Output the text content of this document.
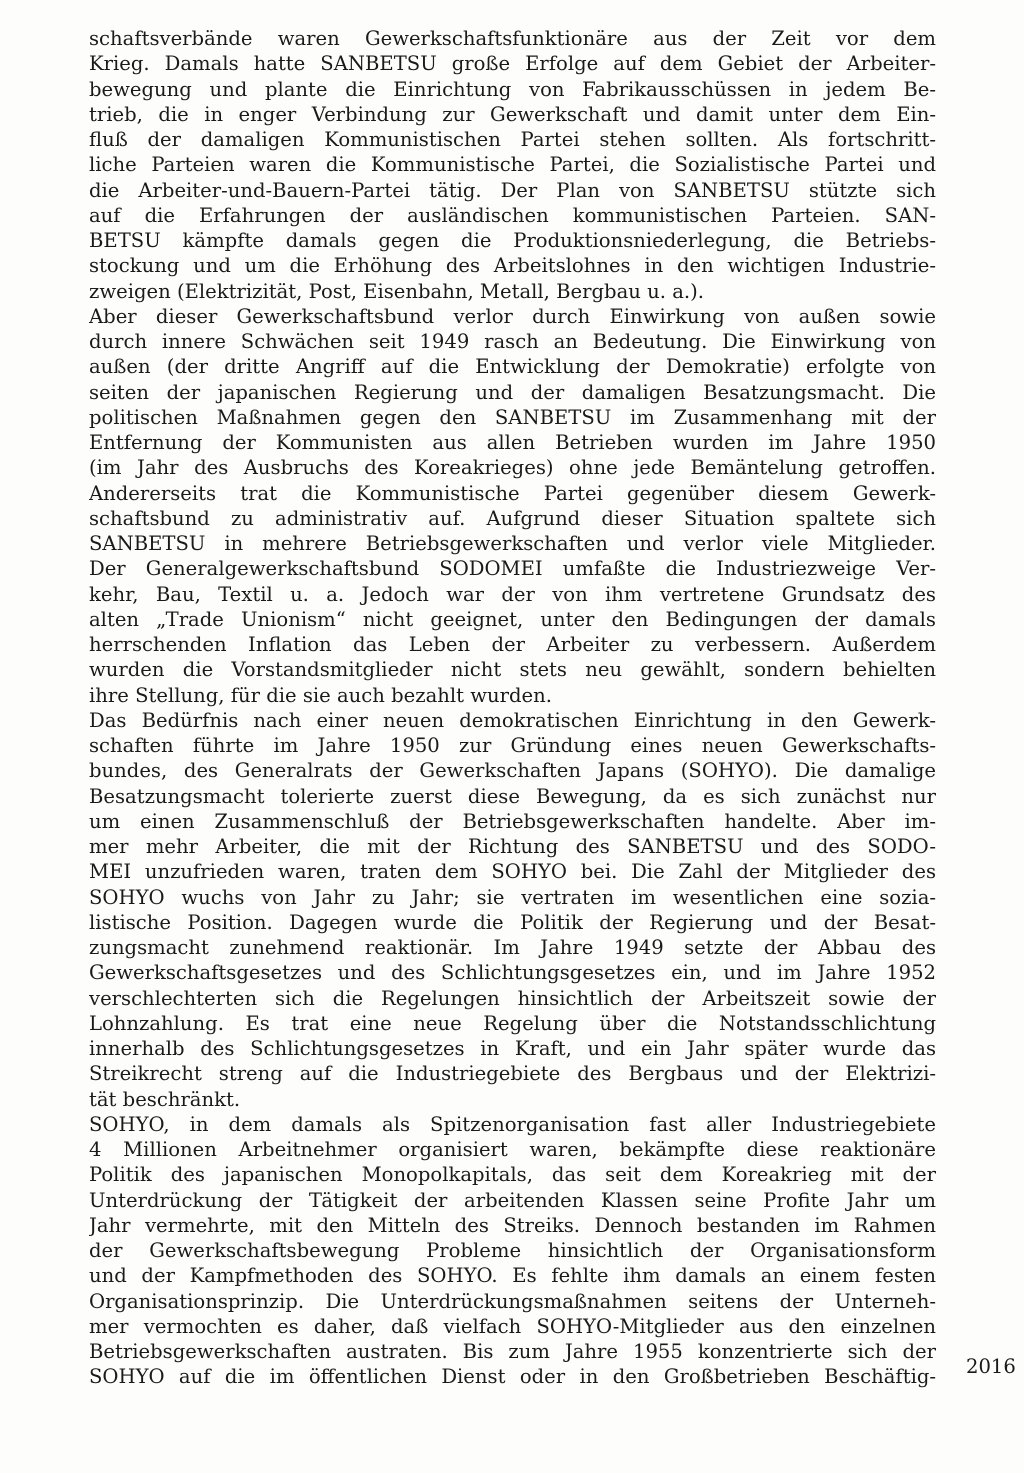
schaftsverbände waren Gewerkschaftsfunktionäre aus der Zeit vor dem
Krieg. Damals hatte SANBETSU große Erfolge auf dem Gebiet der Arbeiter-
bewegung und plante die Einrichtung von Fabrikausschüssen in jedem Be-
trieb, die in enger Verbindung zur Gewerkschaft und damit unter dem Ein-
fluß der damaligen Kommunistischen Partei stehen sollten. Als fortschritt-
liche Parteien waren die Kommunistische Partei, die Sozialistische Partei und
die Arbeiter-und-Bauern-Partei tätig. Der Plan von SANBETSU stützte sich
auf die Erfahrungen der ausländischen kommunistischen Parteien. SAN-
BETSU kämpfte damals gegen die Produktionsniederlegung, die Betriebs-
stockung und um die Erhöhung des Arbeitslohnes in den wichtigen Industrie-
zweigen (Elektrizität, Post, Eisenbahn, Metall, Bergbau u. a.).
Aber dieser Gewerkschaftsbund verlor durch Einwirkung von außen sowie
durch innere Schwächen seit 1949 rasch an Bedeutung. Die Einwirkung von
außen (der dritte Angriff auf die Entwicklung der Demokratie) erfolgte von
seiten der japanischen Regierung und der damaligen Besatzungsmacht. Die
politischen Maßnahmen gegen den SANBETSU im Zusammenhang mit der
Entfernung der Kommunisten aus allen Betrieben wurden im Jahre 1950
(im Jahr des Ausbruchs des Koreakrieges) ohne jede Bemäntelung getroffen.
Andererseits trat die Kommunistische Partei gegenüber diesem Gewerk-
schaftsbund zu administrativ auf. Aufgrund dieser Situation spaltete sich
SANBETSU in mehrere Betriebsgewerkschaften und verlor viele Mitglieder.
Der Generalgewerkschaftsbund SODOMEI umfaßte die Industriezweige Ver-
kehr, Bau, Textil u. a. Jedoch war der von ihm vertretene Grundsatz des
alten „Trade Unionism“ nicht geeignet, unter den Bedingungen der damals
herrschenden Inflation das Leben der Arbeiter zu verbessern. Außerdem
wurden die Vorstandsmitglieder nicht stets neu gewählt, sondern behielten
ihre Stellung, für die sie auch bezahlt wurden.
Das Bedürfnis nach einer neuen demokratischen Einrichtung in den Gewerk-
schaften führte im Jahre 1950 zur Gründung eines neuen Gewerkschafts-
bundes, des Generalrats der Gewerkschaften Japans (SOHYO). Die damalige
Besatzungsmacht tolerierte zuerst diese Bewegung, da es sich zunächst nur
um einen Zusammenschluß der Betriebsgewerkschaften handelte. Aber im-
mer mehr Arbeiter, die mit der Richtung des SANBETSU und des SODO-
MEI unzufrieden waren, traten dem SOHYO bei. Die Zahl der Mitglieder des
SOHYO wuchs von Jahr zu Jahr; sie vertraten im wesentlichen eine sozia-
listische Position. Dagegen wurde die Politik der Regierung und der Besat-
zungsmacht zunehmend reaktionär. Im Jahre 1949 setzte der Abbau des
Gewerkschaftsgesetzes und des Schlichtungsgesetzes ein, und im Jahre 1952
verschlechterten sich die Regelungen hinsichtlich der Arbeitszeit sowie der
Lohnzahlung. Es trat eine neue Regelung über die Notstandsschlichtung
innerhalb des Schlichtungsgesetzes in Kraft, und ein Jahr später wurde das
Streikrecht streng auf die Industriegebiete des Bergbaus und der Elektrizi-
tät beschränkt.
SOHYO, in dem damals als Spitzenorganisation fast aller Industriegebiete
4 Millionen Arbeitnehmer organisiert waren, bekämpfte diese reaktionäre
Politik des japanischen Monopolkapitals, das seit dem Koreakrieg mit der
Unterdrückung der Tätigkeit der arbeitenden Klassen seine Profite Jahr um
Jahr vermehrte, mit den Mitteln des Streiks. Dennoch bestanden im Rahmen
der Gewerkschaftsbewegung Probleme hinsichtlich der Organisationsform
und der Kampfmethoden des SOHYO. Es fehlte ihm damals an einem festen
Organisationsprinzip. Die Unterdrückungsmaßnahmen seitens der Unterneh-
mer vermochten es daher, daß vielfach SOHYO-Mitglieder aus den einzelnen
Betriebsgewerkschaften austraten. Bis zum Jahre 1955 konzentrierte sich der
SOHYO auf die im öffentlichen Dienst oder in den Großbetrieben Beschäftig- 2016
